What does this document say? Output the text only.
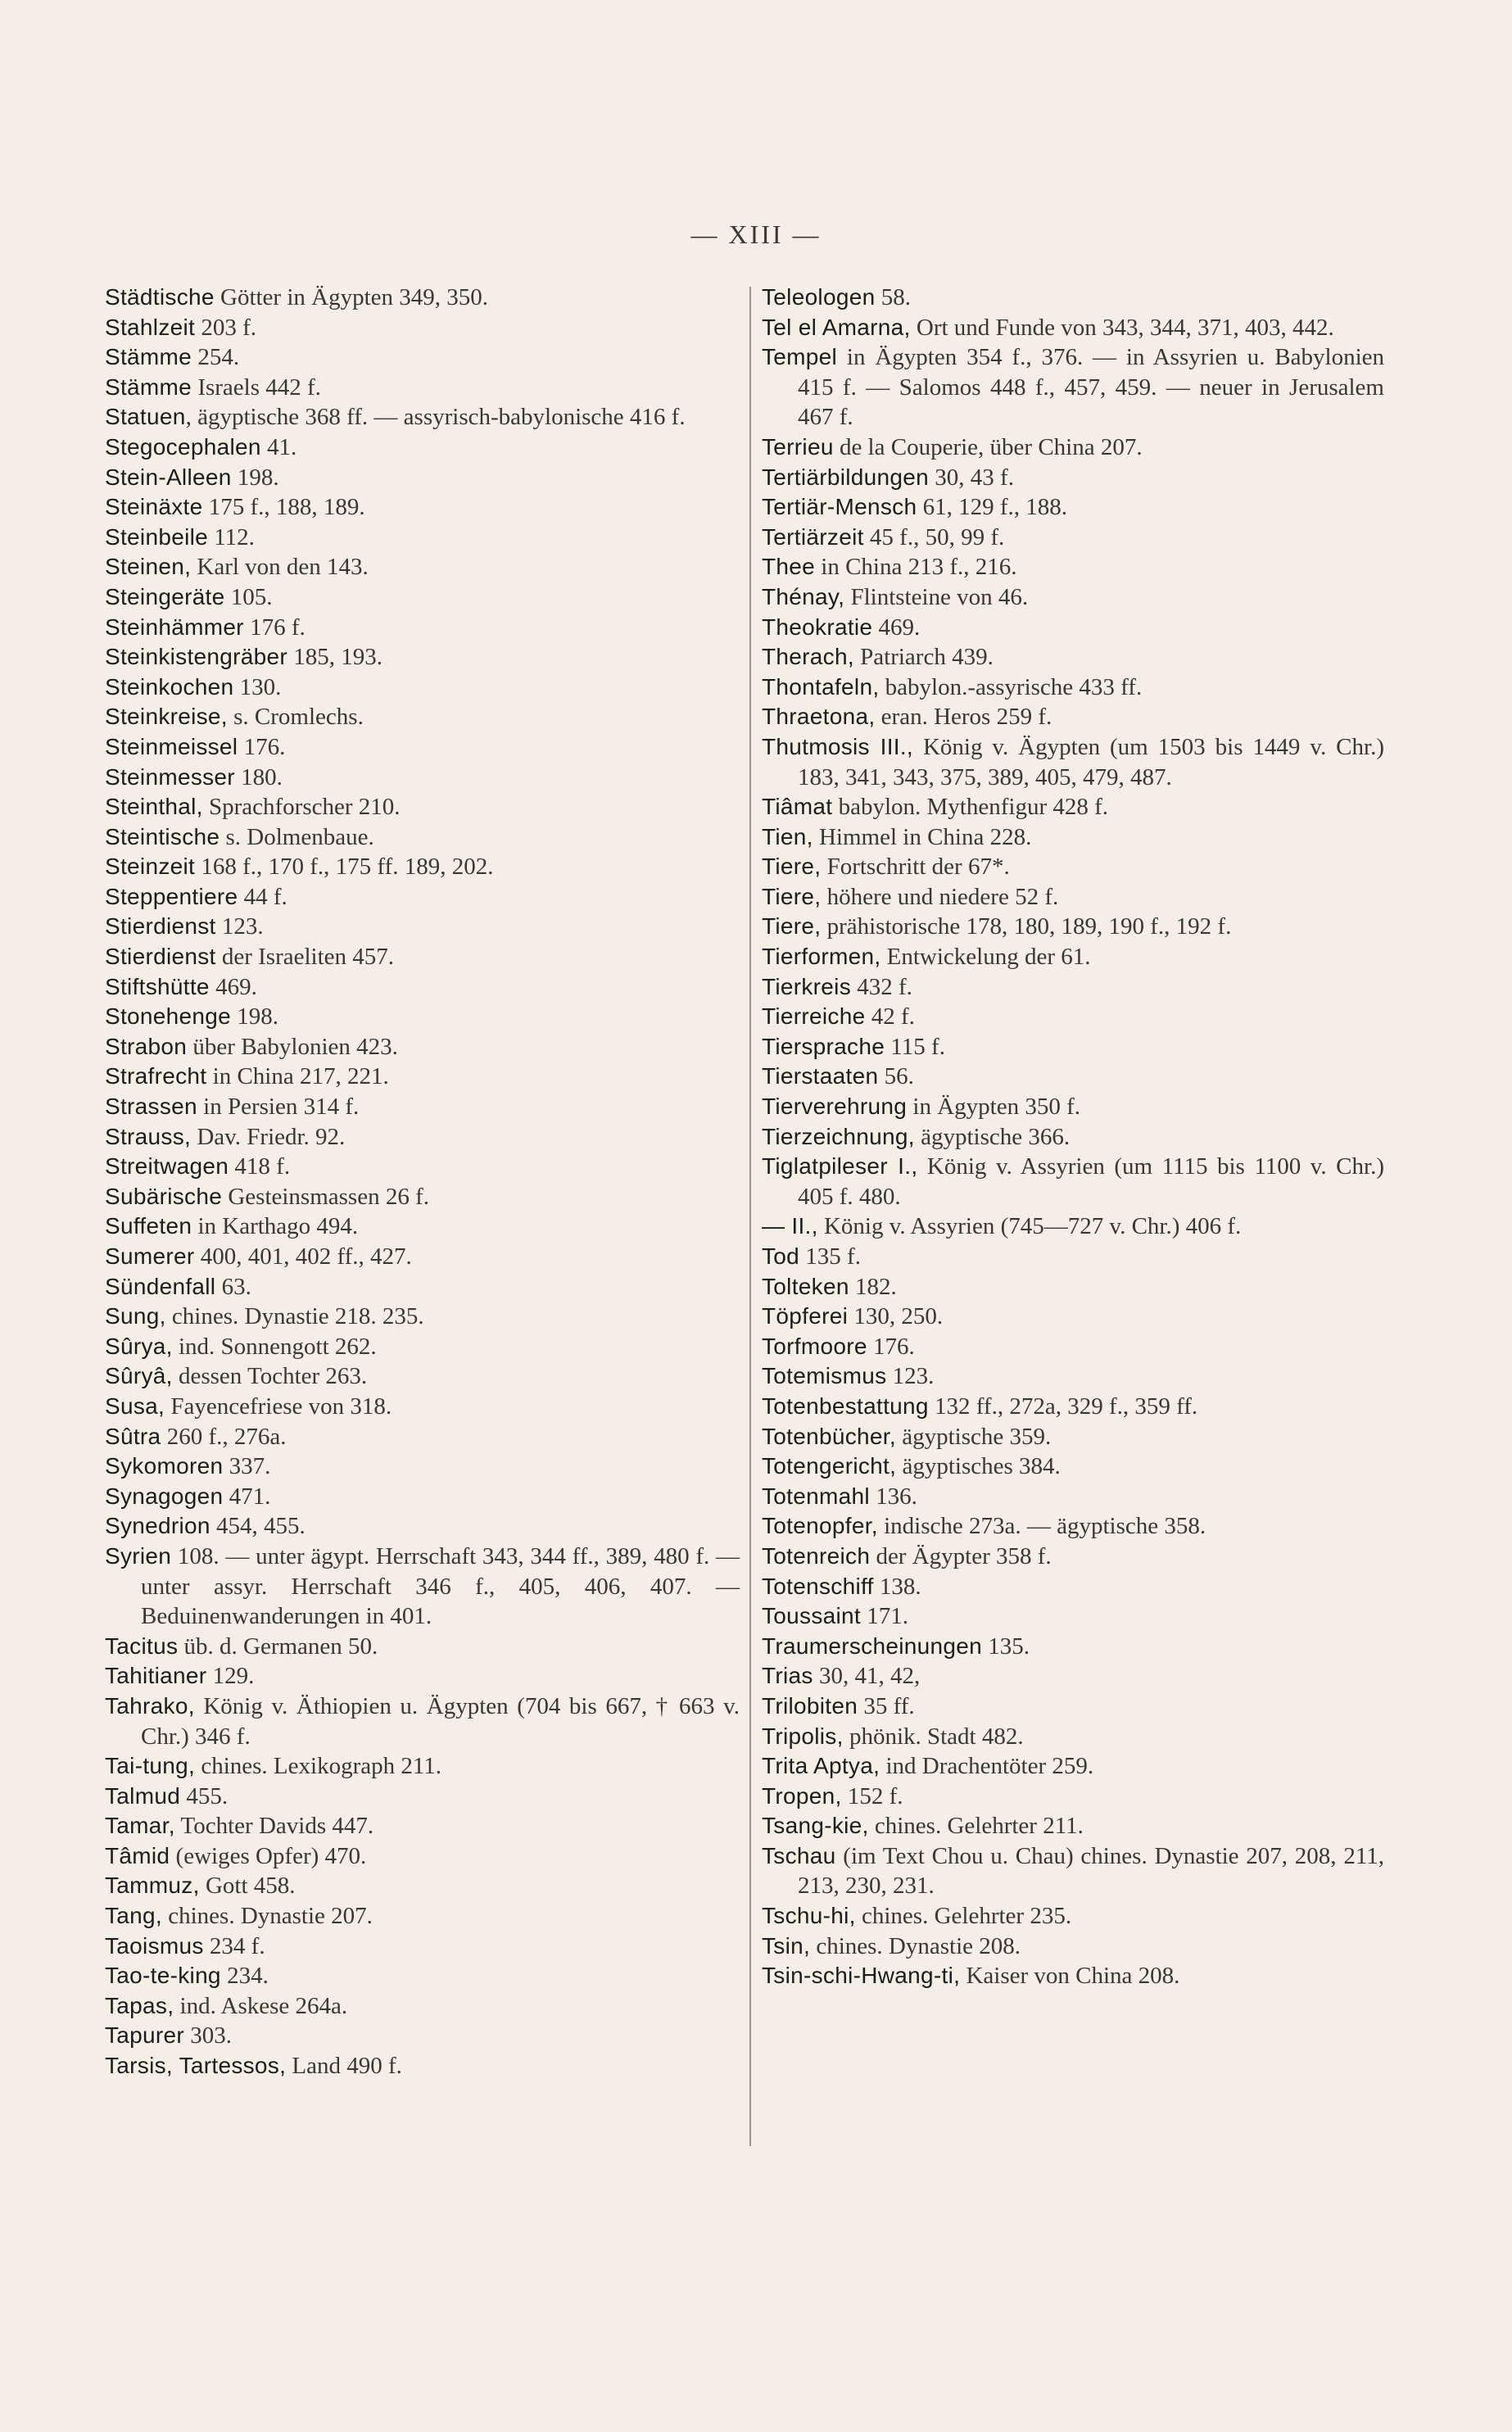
— XIII —
Städtische Götter in Ägypten 349, 350.
Stahlzeit 203 f.
Stämme 254.
Stämme Israels 442 f.
Statuen, ägyptische 368 ff. — assyrisch-babylonische 416 f.
Stegocephalen 41.
Stein-Alleen 198.
Steinäxte 175 f., 188, 189.
Steinbeile 112.
Steinen, Karl von den 143.
Steingeräte 105.
Steinhämmer 176 f.
Steinkistengräber 185, 193.
Steinkochen 130.
Steinkreise, s. Cromlechs.
Steinmeissel 176.
Steinmesser 180.
Steinthal, Sprachforscher 210.
Steintische s. Dolmenbaue.
Steinzeit 168 f., 170 f., 175 ff. 189, 202.
Steppentiere 44 f.
Stierdienst 123.
Stierdienst der Israeliten 457.
Stiftshütte 469.
Stonehenge 198.
Strabon über Babylonien 423.
Strafrecht in China 217, 221.
Strassen in Persien 314 f.
Strauss, Dav. Friedr. 92.
Streitwagen 418 f.
Subärische Gesteinsmassen 26 f.
Suffeten in Karthago 494.
Sumerer 400, 401, 402 ff., 427.
Sündenfall 63.
Sung, chines. Dynastie 218. 235.
Sûrya, ind. Sonnengott 262.
Sûryâ, dessen Tochter 263.
Susa, Fayencefriese von 318.
Sûtra 260 f., 276a.
Sykomoren 337.
Synagogen 471.
Synedrion 454, 455.
Syrien 108. — unter ägypt. Herrschaft 343, 344 ff., 389, 480 f. — unter assyr. Herrschaft 346 f., 405, 406, 407. — Beduinenwanderungen in 401.
Tacitus üb. d. Germanen 50.
Tahitianer 129.
Tahrako, König v. Äthiopien u. Ägypten (704 bis 667, † 663 v. Chr.) 346 f.
Tai-tung, chines. Lexikograph 211.
Talmud 455.
Tamar, Tochter Davids 447.
Tâmid (ewiges Opfer) 470.
Tammuz, Gott 458.
Tang, chines. Dynastie 207.
Taoismus 234 f.
Tao-te-king 234.
Tapas, ind. Askese 264a.
Tapurer 303.
Tarsis, Tartessos, Land 490 f.
Teleologen 58.
Tel el Amarna, Ort und Funde von 343, 344, 371, 403, 442.
Tempel in Ägypten 354 f., 376. — in Assyrien u. Babylonien 415 f. — Salomos 448 f., 457, 459. — neuer in Jerusalem 467 f.
Terrieu de la Couperie, über China 207.
Tertiärbildungen 30, 43 f.
Tertiär-Mensch 61, 129 f., 188.
Tertiärzeit 45 f., 50, 99 f.
Thee in China 213 f., 216.
Thénay, Flintsteine von 46.
Theokratie 469.
Therach, Patriarch 439.
Thontafeln, babylon.-assyrische 433 ff.
Thraetona, eran. Heros 259 f.
Thutmosis III., König v. Ägypten (um 1503 bis 1449 v. Chr.) 183, 341, 343, 375, 389, 405, 479, 487.
Tiâmat babylon. Mythenfigur 428 f.
Tien, Himmel in China 228.
Tiere, Fortschritt der 67*.
Tiere, höhere und niedere 52 f.
Tiere, prähistorische 178, 180, 189, 190 f., 192 f.
Tierformen, Entwickelung der 61.
Tierkreis 432 f.
Tierreiche 42 f.
Tiersprache 115 f.
Tierstaaten 56.
Tierverehrung in Ägypten 350 f.
Tierzeichnung, ägyptische 366.
Tiglatpileser I., König v. Assyrien (um 1115 bis 1100 v. Chr.) 405 f. 480.
— II., König v. Assyrien (745—727 v. Chr.) 406 f.
Tod 135 f.
Tolteken 182.
Töpferei 130, 250.
Torfmoore 176.
Totemismus 123.
Totenbestattung 132 ff., 272a, 329 f., 359 ff.
Totenbücher, ägyptische 359.
Totengericht, ägyptisches 384.
Totenmahl 136.
Totenopfer, indische 273a. — ägyptische 358.
Totenreich der Ägypter 358 f.
Totenschiff 138.
Toussaint 171.
Traumerscheinungen 135.
Trias 30, 41, 42,
Trilobiten 35 ff.
Tripolis, phönik. Stadt 482.
Trita Aptya, ind Drachentöter 259.
Tropen, 152 f.
Tsang-kie, chines. Gelehrter 211.
Tschau (im Text Chou u. Chau) chines. Dynastie 207, 208, 211, 213, 230, 231.
Tschu-hi, chines. Gelehrter 235.
Tsin, chines. Dynastie 208.
Tsin-schi-Hwang-ti, Kaiser von China 208.
